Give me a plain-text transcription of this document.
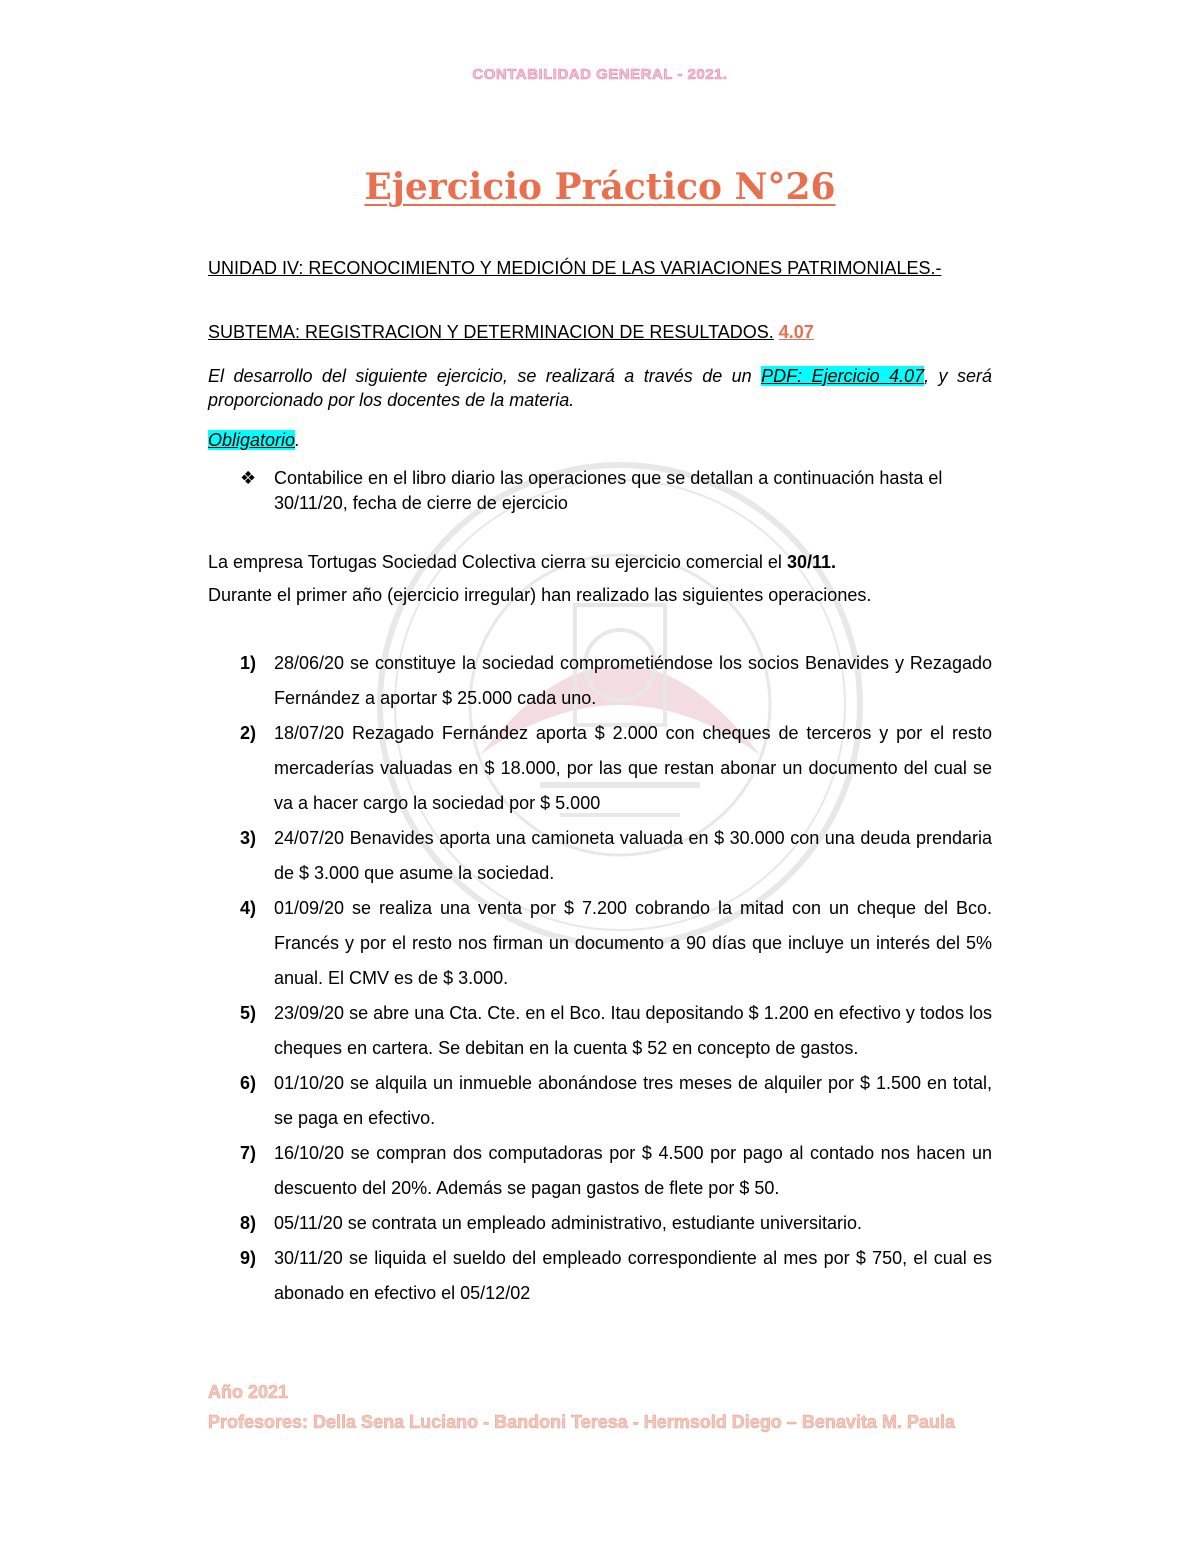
CONTABILIDAD GENERAL - 2021.
Ejercicio Práctico N°26
UNIDAD IV: RECONOCIMIENTO Y MEDICIÓN DE LAS VARIACIONES PATRIMONIALES.-
SUBTEMA: REGISTRACION Y DETERMINACION DE RESULTADOS. 4.07
El desarrollo del siguiente ejercicio, se realizará a través de un PDF: Ejercicio 4.07, y será proporcionado por los docentes de la materia.
Obligatorio.
❖ Contabilice en el libro diario las operaciones que se detallan a continuación hasta el 30/11/20, fecha de cierre de ejercicio
La empresa Tortugas Sociedad Colectiva cierra su ejercicio comercial el 30/11.
Durante el primer año (ejercicio irregular) han realizado las siguientes operaciones.
1) 28/06/20 se constituye la sociedad comprometiéndose los socios Benavides y Rezagado Fernández a aportar $ 25.000 cada uno.
2) 18/07/20 Rezagado Fernández aporta $ 2.000 con cheques de terceros y por el resto mercaderías valuadas en $ 18.000, por las que restan abonar un documento del cual se va a hacer cargo la sociedad por $ 5.000
3) 24/07/20 Benavides aporta una camioneta valuada en $ 30.000 con una deuda prendaria de $ 3.000 que asume la sociedad.
4) 01/09/20 se realiza una venta por $ 7.200 cobrando la mitad con un cheque del Bco. Francés y por el resto nos firman un documento a 90 días que incluye un interés del 5% anual. El CMV es de $ 3.000.
5) 23/09/20 se abre una Cta. Cte. en el Bco. Itau depositando $ 1.200 en efectivo y todos los cheques en cartera. Se debitan en la cuenta $ 52 en concepto de gastos.
6) 01/10/20 se alquila un inmueble abonándose tres meses de alquiler por $ 1.500 en total, se paga en efectivo.
7) 16/10/20 se compran dos computadoras por $ 4.500 por pago al contado nos hacen un descuento del 20%. Además se pagan gastos de flete por $ 50.
8) 05/11/20 se contrata un empleado administrativo, estudiante universitario.
9) 30/11/20 se liquida el sueldo del empleado correspondiente al mes por $ 750, el cual es abonado en efectivo el 05/12/02
Año 2021
Profesores: Della Sena Luciano - Bandoni Teresa - Hermsold Diego – Benavita M. Paula
